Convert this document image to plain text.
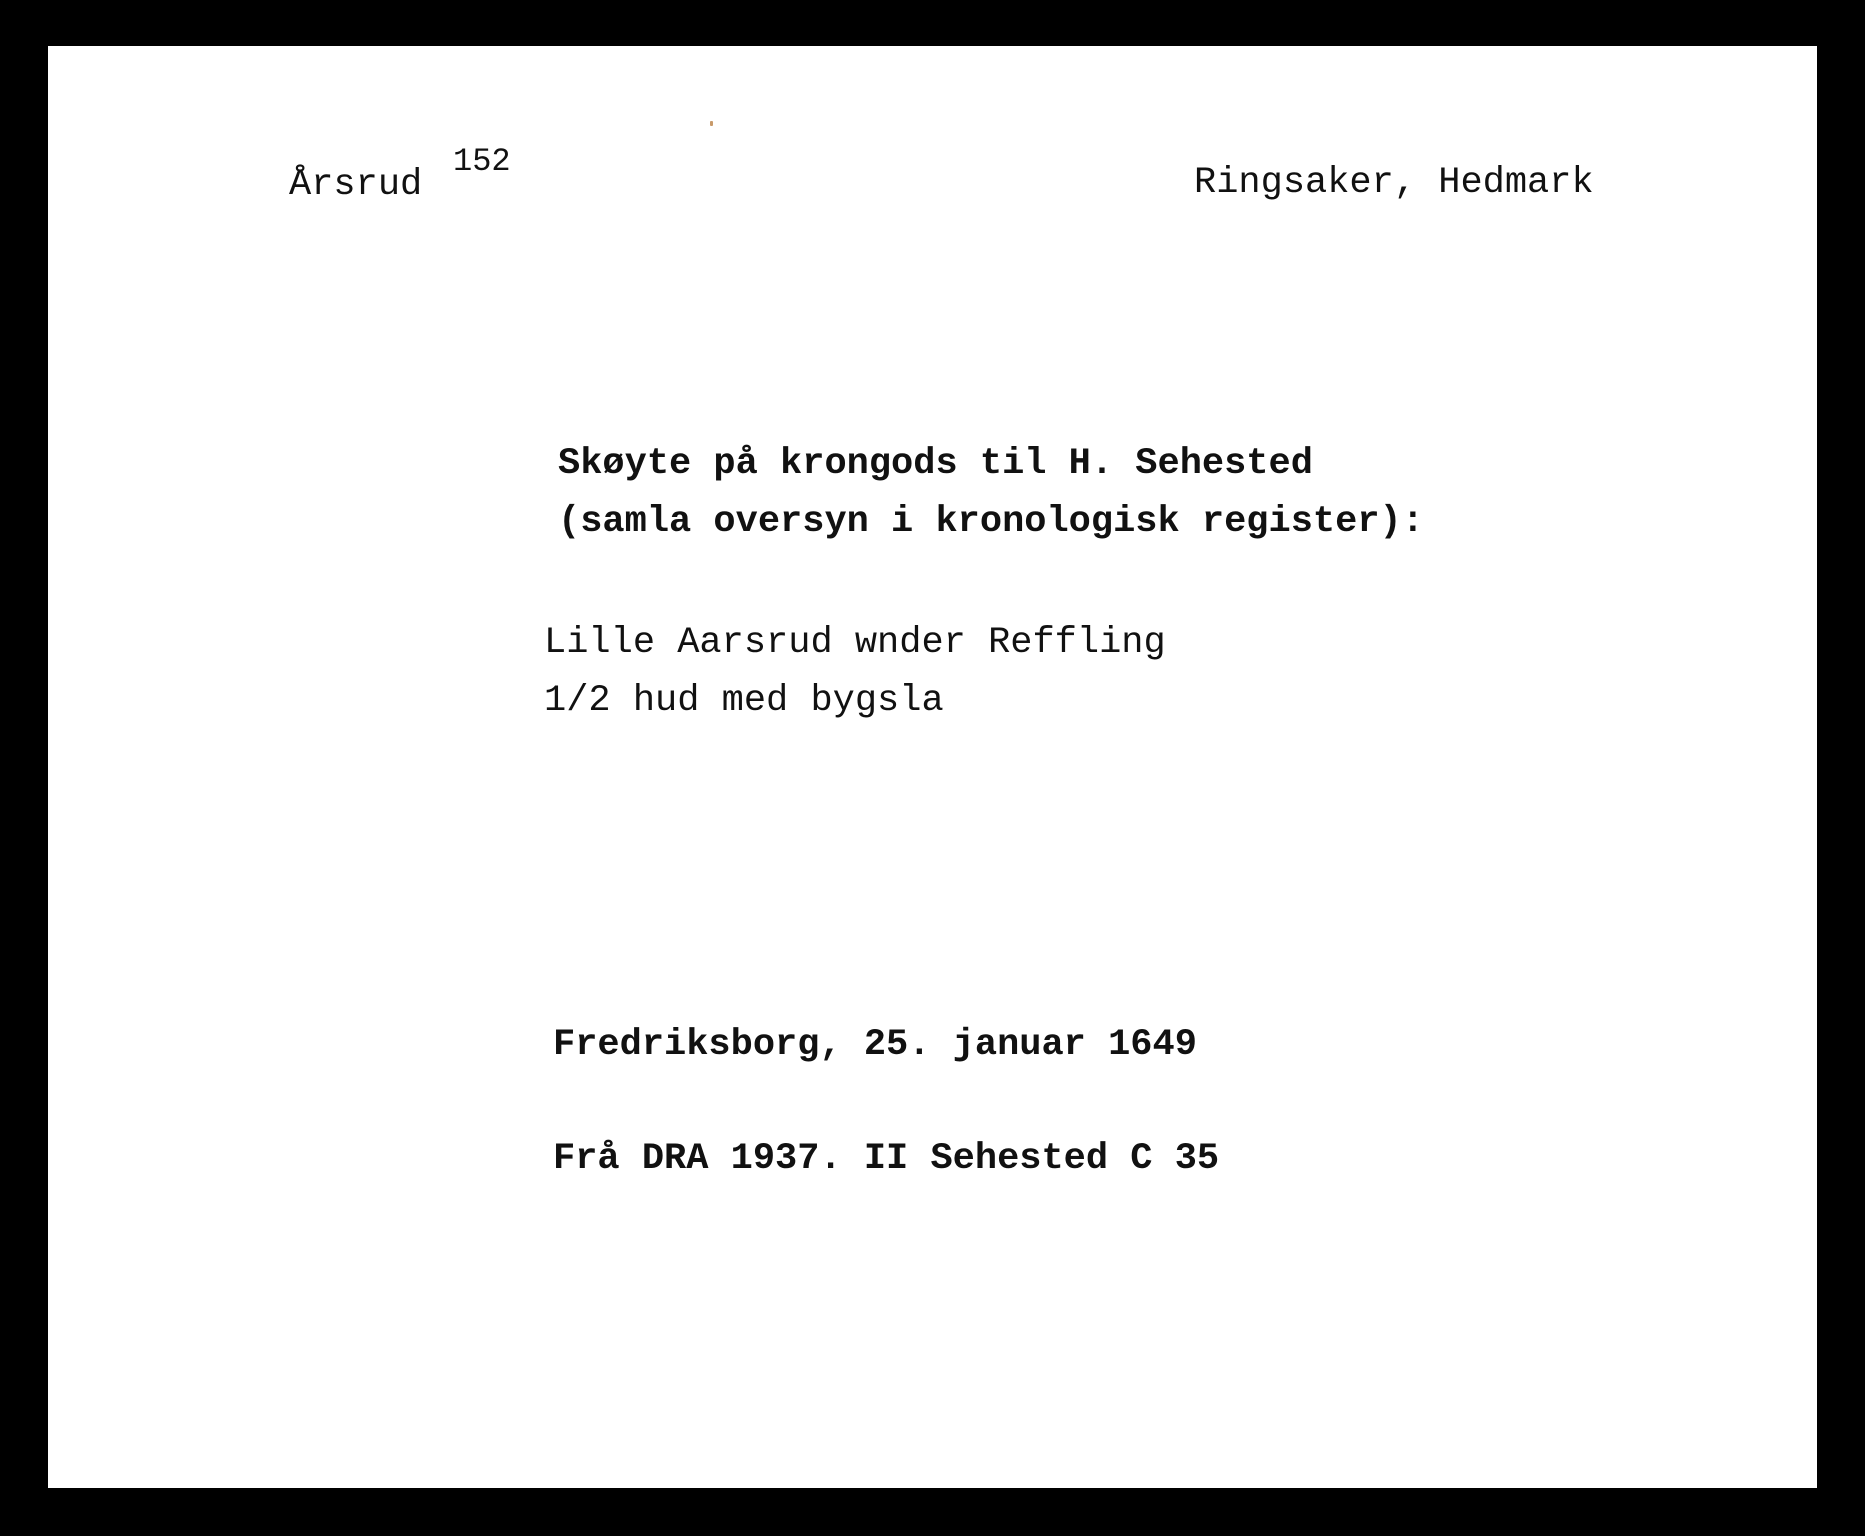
Årsrud

152

Ringsaker, Hedmark

Skøyte på krongods til H. Sehested

(samla oversyn i kronologisk register):

Lille Aarsrud wnder Reffling

1/2 hud med bygsla

Fredriksborg, 25. januar 1649

Frå DRA 1937. II Sehested C 35
